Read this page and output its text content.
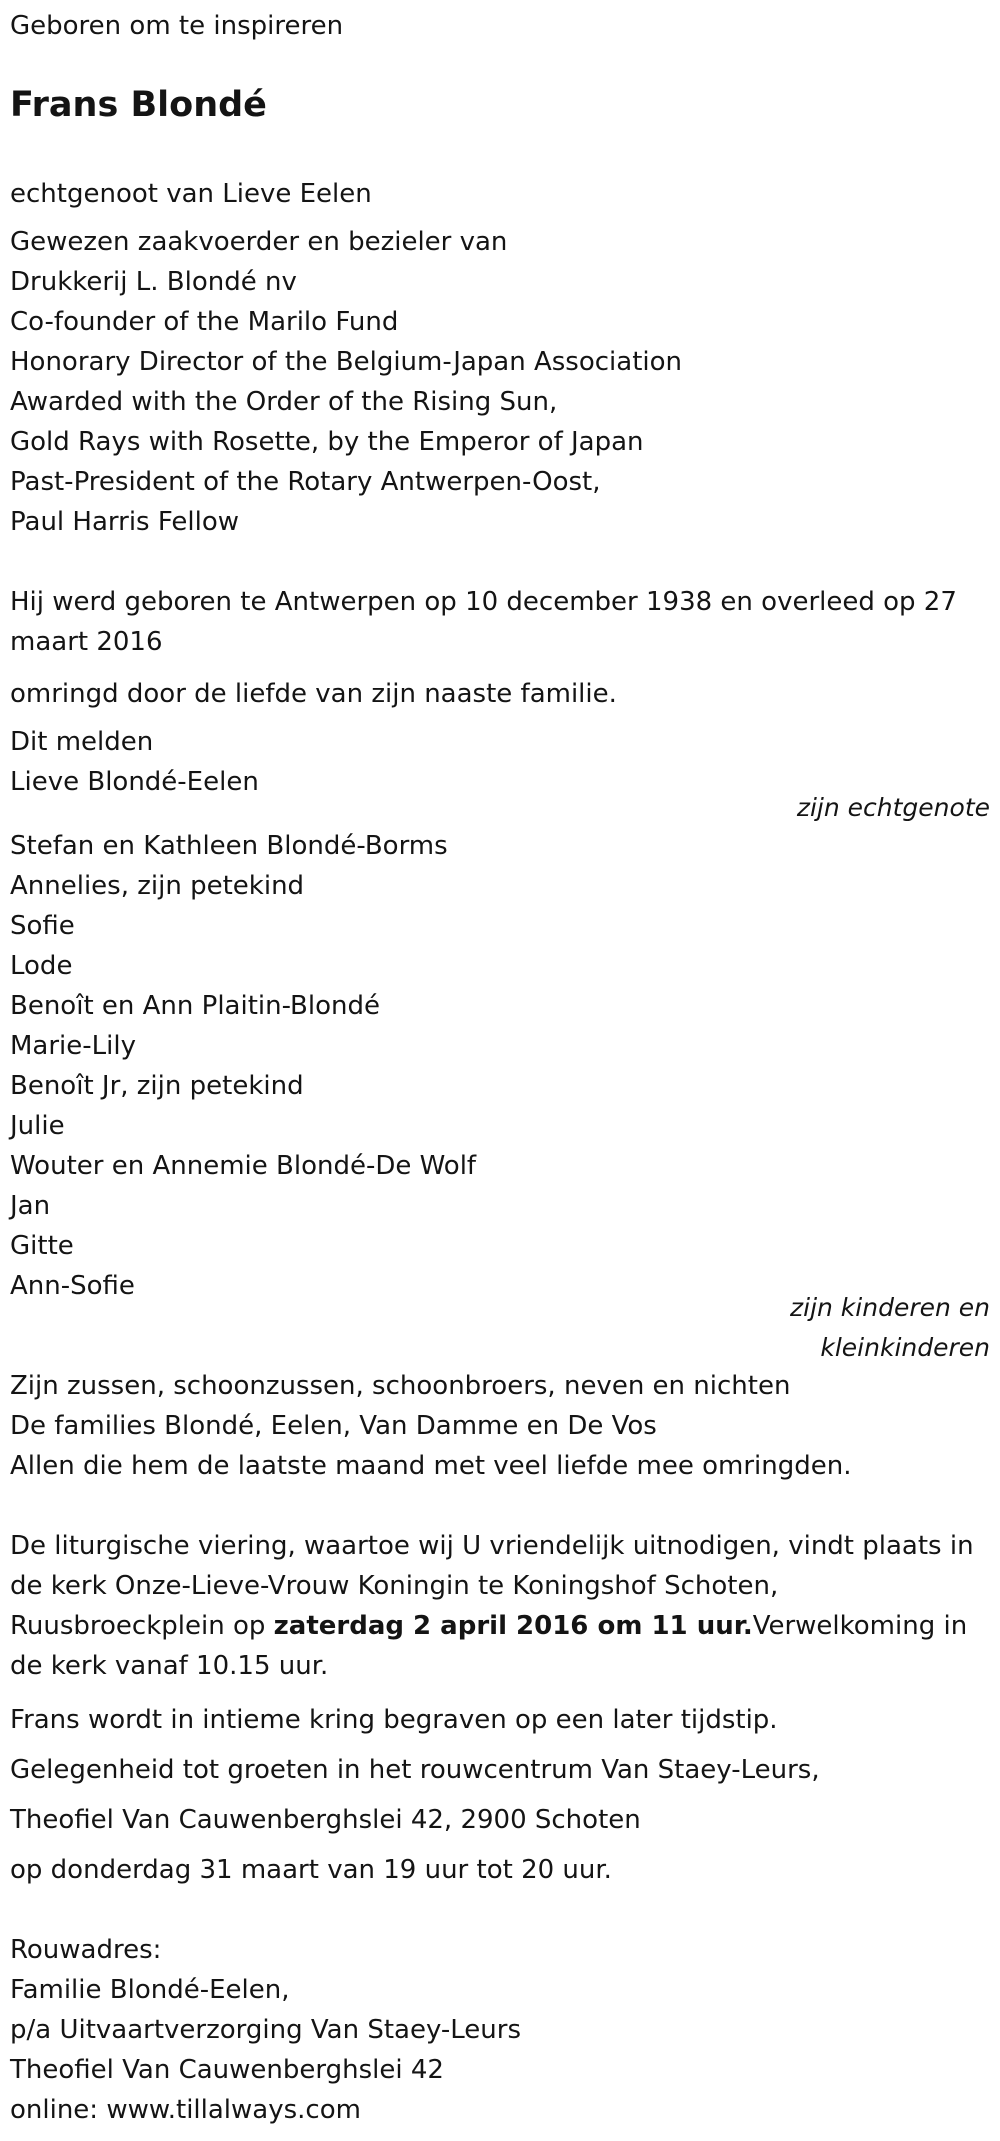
Geboren om te inspireren
Frans Blondé
echtgenoot van Lieve Eelen
Gewezen zaakvoerder en bezieler van
Drukkerij L. Blondé nv
Co-founder of the Marilo Fund
Honorary Director of the Belgium-Japan Association
Awarded with the Order of the Rising Sun,
Gold Rays with Rosette, by the Emperor of Japan
Past-President of the Rotary Antwerpen-Oost,
Paul Harris Fellow
Hij werd geboren te Antwerpen op 10 december 1938 en overleed op 27 maart 2016
omringd door de liefde van zijn naaste familie.
Dit melden
Lieve Blondé-Eelen
zijn echtgenote
Stefan en Kathleen Blondé-Borms
Annelies, zijn petekind
Sofie
Lode
Benoît en Ann Plaitin-Blondé
Marie-Lily
Benoît Jr, zijn petekind
Julie
Wouter en Annemie Blondé-De Wolf
Jan
Gitte
Ann-Sofie
zijn kinderen en
kleinkinderen
Zijn zussen, schoonzussen, schoonbroers, neven en nichten
De families Blondé, Eelen, Van Damme en De Vos
Allen die hem de laatste maand met veel liefde mee omringden.
De liturgische viering, waartoe wij U vriendelijk uitnodigen, vindt plaats in de kerk Onze-Lieve-Vrouw Koningin te Koningshof Schoten, Ruusbroeckplein op zaterdag 2 april 2016 om 11 uur.Verwelkoming in de kerk vanaf 10.15 uur.
Frans wordt in intieme kring begraven op een later tijdstip.
Gelegenheid tot groeten in het rouwcentrum Van Staey-Leurs,
Theofiel Van Cauwenberghslei 42, 2900 Schoten
op donderdag 31 maart van 19 uur tot 20 uur.
Rouwadres:
Familie Blondé-Eelen,
p/a Uitvaartverzorging Van Staey-Leurs
Theofiel Van Cauwenberghslei 42
online: www.tillalways.com
